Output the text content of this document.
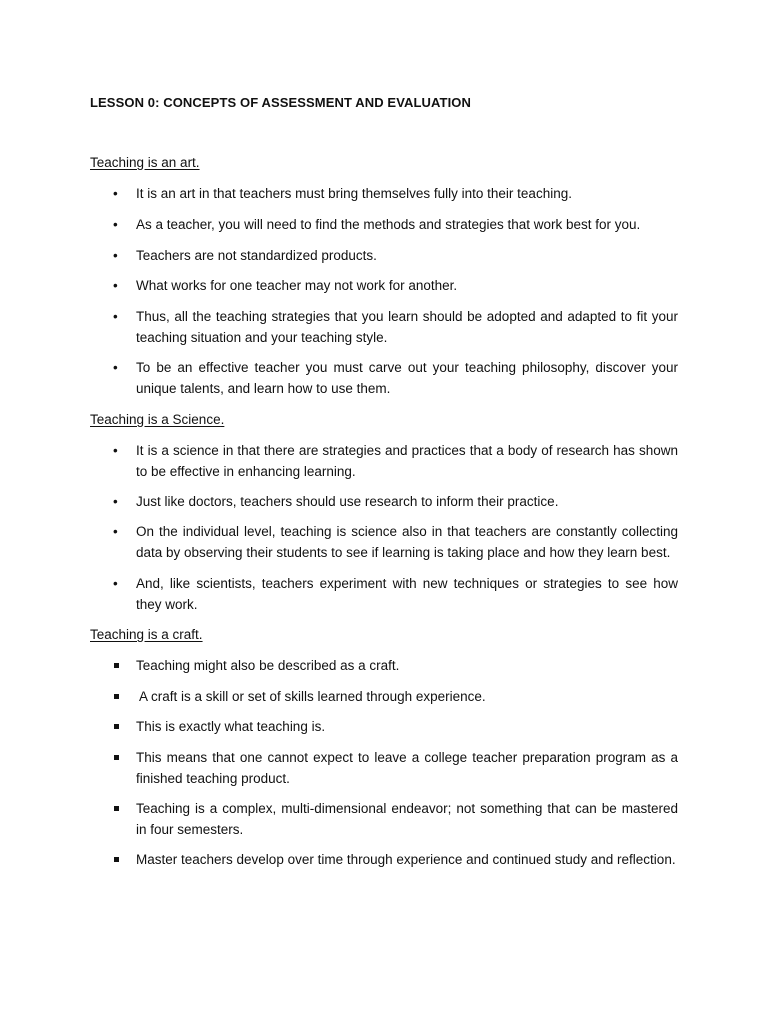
LESSON 0: CONCEPTS OF ASSESSMENT AND EVALUATION
Teaching is an art.
• It is an art in that teachers must bring themselves fully into their teaching.
• As a teacher, you will need to find the methods and strategies that work best for you.
• Teachers are not standardized products.
• What works for one teacher may not work for another.
• Thus, all the teaching strategies that you learn should be adopted and adapted to fit your teaching situation and your teaching style.
• To be an effective teacher you must carve out your teaching philosophy, discover your unique talents, and learn how to use them.
Teaching is a Science.
• It is a science in that there are strategies and practices that a body of research has shown to be effective in enhancing learning.
• Just like doctors, teachers should use research to inform their practice.
• On the individual level, teaching is science also in that teachers are constantly collecting data by observing their students to see if learning is taking place and how they learn best.
• And, like scientists, teachers experiment with new techniques or strategies to see how they work.
Teaching is a craft.
Teaching might also be described as a craft.
A craft is a skill or set of skills learned through experience.
This is exactly what teaching is.
This means that one cannot expect to leave a college teacher preparation program as a finished teaching product.
Teaching is a complex, multi-dimensional endeavor; not something that can be mastered in four semesters.
Master teachers develop over time through experience and continued study and reflection.
